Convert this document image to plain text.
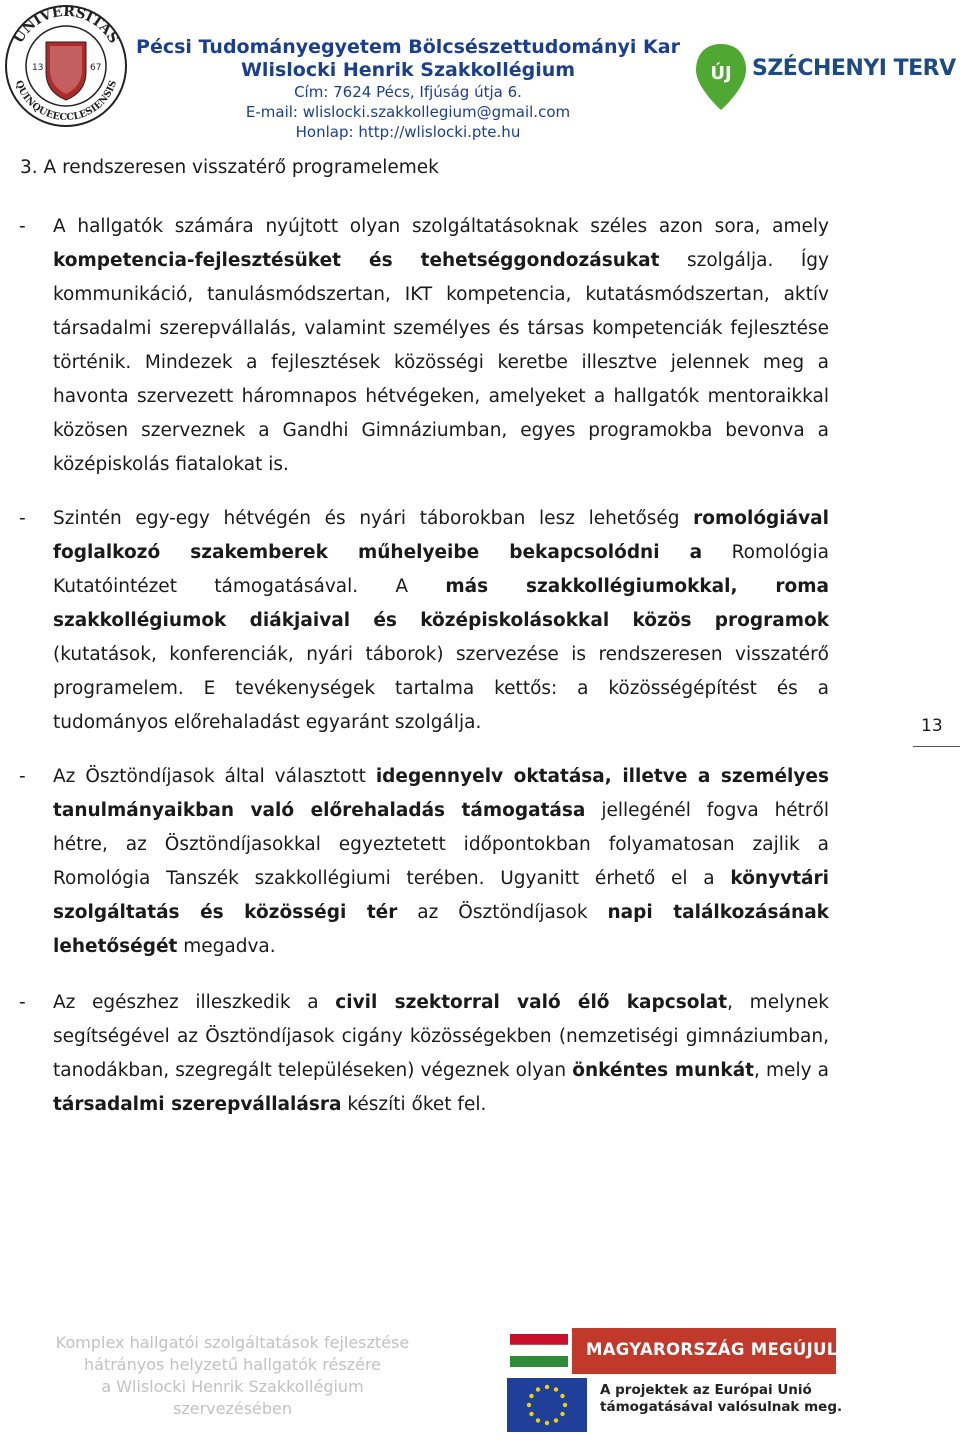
UNIVERSITAS
QUINQUEECCLESIENSIS
13	67
Pécsi Tudományegyetem Bölcsészettudományi Kar
Wlislocki Henrik Szakkollégium
Cím: 7624 Pécs, Ifjúság útja 6.
E-mail: wlislocki.szakkollegium@gmail.com
Honlap: http://wlislocki.pte.hu
ÚJ SZÉCHENYI TERV
3. A rendszeresen visszatérő programelemek
- A hallgatók számára nyújtott olyan szolgáltatásoknak széles azon sora, amely kompetencia-fejlesztésüket és tehetséggondozásukat szolgálja. Így kommunikáció, tanulásmódszertan, IKT kompetencia, kutatásmódszertan, aktív társadalmi szerepvállalás, valamint személyes és társas kompetenciák fejlesztése történik. Mindezek a fejlesztések közösségi keretbe illesztve jelennek meg a havonta szervezett háromnapos hétvégeken, amelyeket a hallgatók mentoraikkal közösen szerveznek a Gandhi Gimnáziumban, egyes programokba bevonva a középiskolás fiatalokat is.
- Szintén egy-egy hétvégén és nyári táborokban lesz lehetőség romológiával foglalkozó szakemberek műhelyeibe bekapcsolódni a Romológia Kutatóintézet támogatásával. A más szakkollégiumokkal, roma szakkollégiumok diákjaival és középiskolásokkal közös programok (kutatások, konferenciák, nyári táborok) szervezése is rendszeresen visszatérő programelem. E tevékenységek tartalma kettős: a közösségépítést és a tudományos előrehaladást egyaránt szolgálja.	13
- Az Ösztöndíjasok által választott idegennyelv oktatása, illetve a személyes tanulmányaikban való előrehaladás támogatása jellegénél fogva hétről hétre, az Ösztöndíjasokkal egyeztetett időpontokban folyamatosan zajlik a Romológia Tanszék szakkollégiumi terében. Ugyanitt érhető el a könyvtári szolgáltatás és közösségi tér az Ösztöndíjasok napi találkozásának lehetőségét megadva.
- Az egészhez illeszkedik a civil szektorral való élő kapcsolat, melynek segítségével az Ösztöndíjasok cigány közösségekben (nemzetiségi gimnáziumban, tanodákban, szegregált településeken) végeznek olyan önkéntes munkát, mely a társadalmi szerepvállalásra készíti őket fel.
Komplex hallgatói szolgáltatások fejlesztése
hátrányos helyzetű hallgatók részére
a Wlislocki Henrik Szakkollégium szervezésében
MAGYARORSZÁG MEGÚJUL
A projektek az Európai Unió
támogatásával valósulnak meg.
